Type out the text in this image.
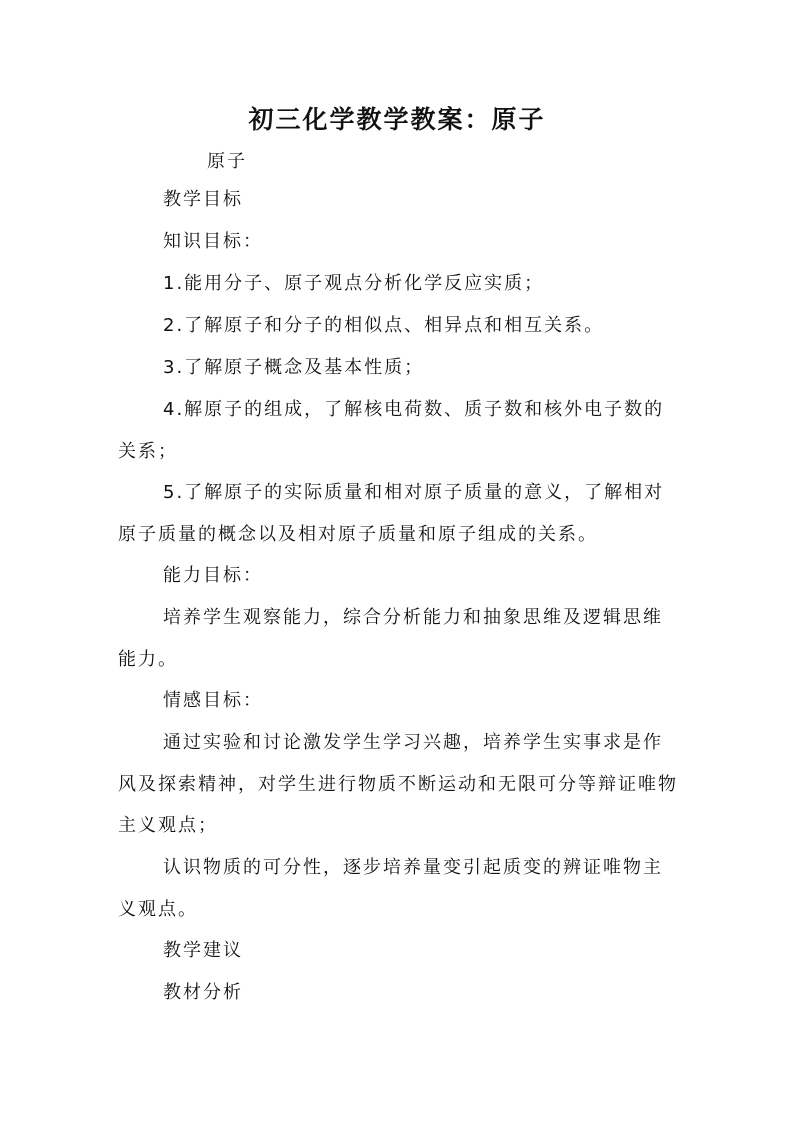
初三化学教学教案：原子
原子
教学目标
知识目标：
1.能用分子、原子观点分析化学反应实质；
2.了解原子和分子的相似点、相异点和相互关系。
3.了解原子概念及基本性质；
4.解原子的组成，了解核电荷数、质子数和核外电子数的关系；
5.了解原子的实际质量和相对原子质量的意义，了解相对原子质量的概念以及相对原子质量和原子组成的关系。
能力目标：
培养学生观察能力，综合分析能力和抽象思维及逻辑思维能力。
情感目标：
通过实验和讨论激发学生学习兴趣，培养学生实事求是作风及探索精神，对学生进行物质不断运动和无限可分等辩证唯物主义观点；
认识物质的可分性，逐步培养量变引起质变的辨证唯物主义观点。
教学建议
教材分析
